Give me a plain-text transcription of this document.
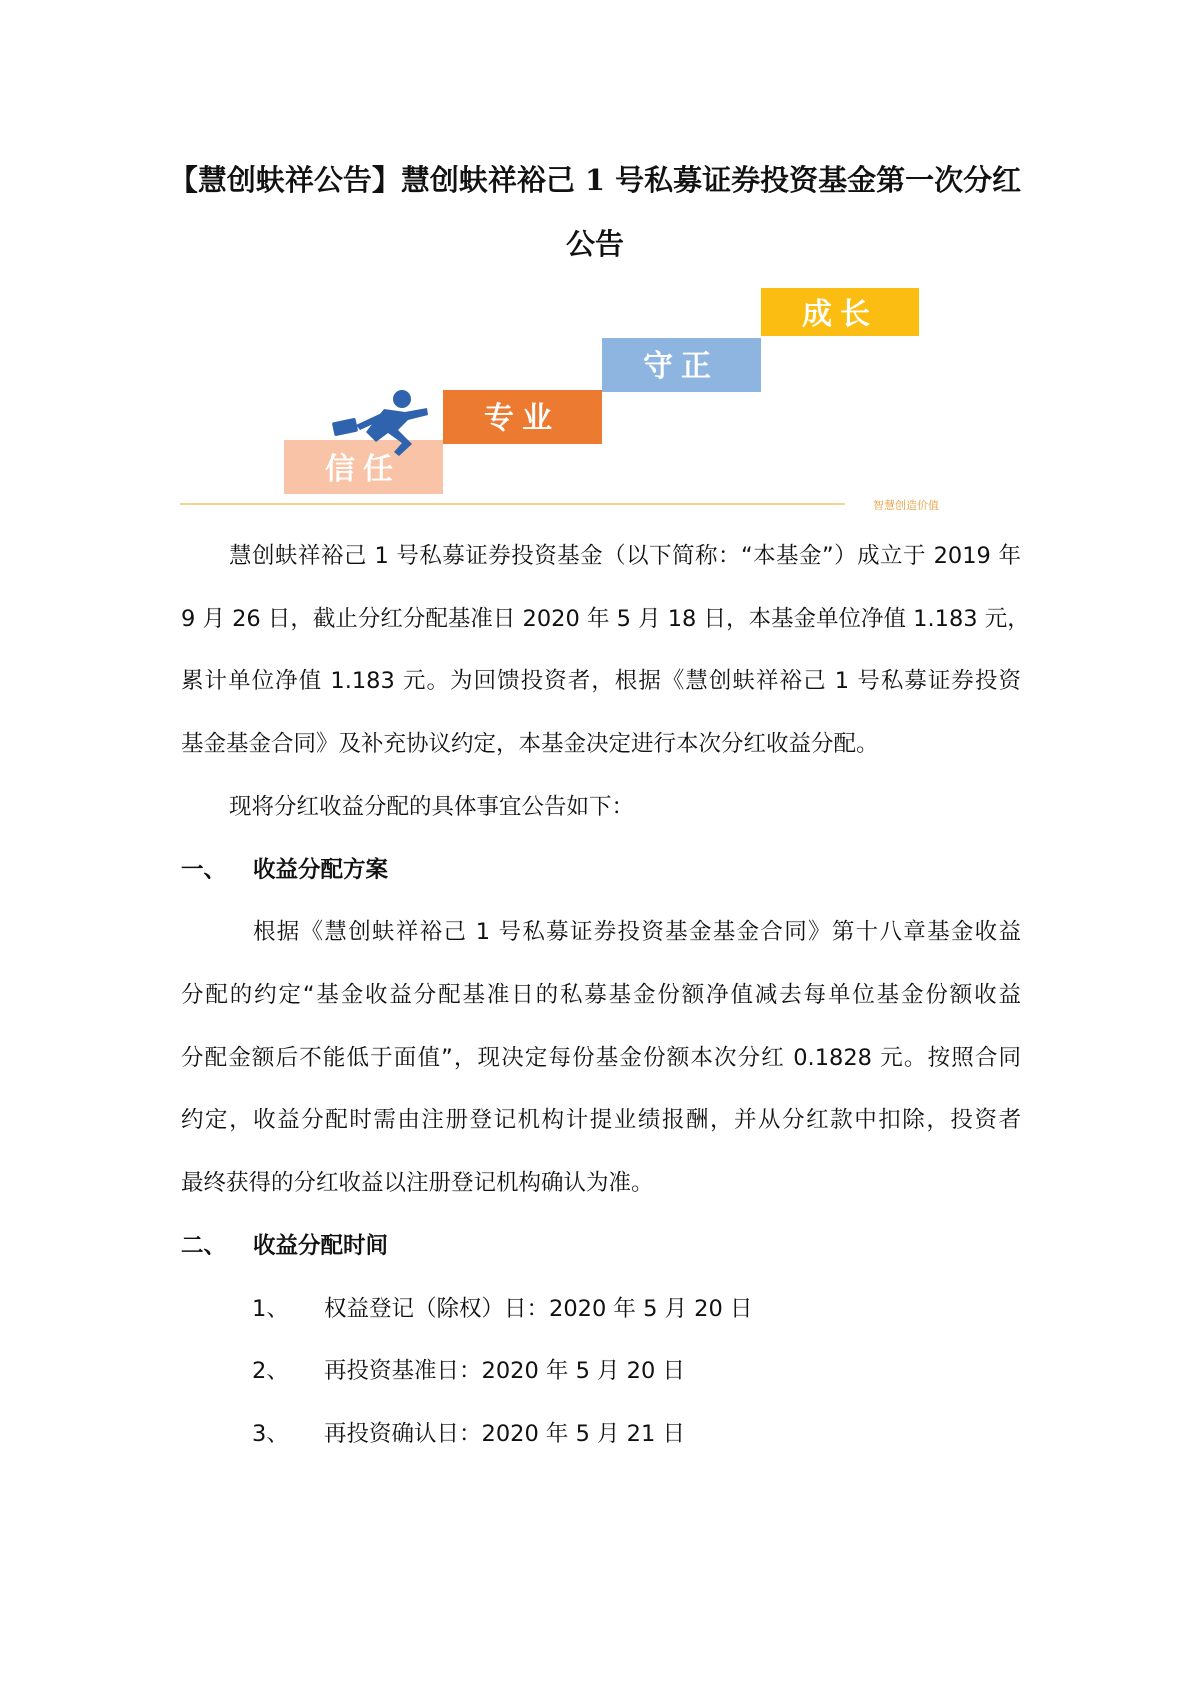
【慧创蚨祥公告】慧创蚨祥裕己 1 号私募证券投资基金第一次分红
公告
信任
专业
守正
成长
智慧创造价值
慧创蚨祥裕己 1 号私募证券投资基金（以下简称：“本基金”）成立于 2019 年
9 月 26 日，截止分红分配基准日 2020 年 5 月 18 日，本基金单位净值 1.183 元，
累计单位净值 1.183 元。为回馈投资者，根据《慧创蚨祥裕己 1 号私募证券投资
基金基金合同》及补充协议约定，本基金决定进行本次分红收益分配。
现将分红收益分配的具体事宜公告如下：
一、 收益分配方案
根据《慧创蚨祥裕己 1 号私募证券投资基金基金合同》第十八章基金收益
分配的约定“基金收益分配基准日的私募基金份额净值减去每单位基金份额收益
分配金额后不能低于面值”，现决定每份基金份额本次分红 0.1828 元。按照合同
约定，收益分配时需由注册登记机构计提业绩报酬，并从分红款中扣除，投资者
最终获得的分红收益以注册登记机构确认为准。
二、 收益分配时间
1、 权益登记（除权）日：2020 年 5 月 20 日
2、 再投资基准日：2020 年 5 月 20 日
3、 再投资确认日：2020 年 5 月 21 日
